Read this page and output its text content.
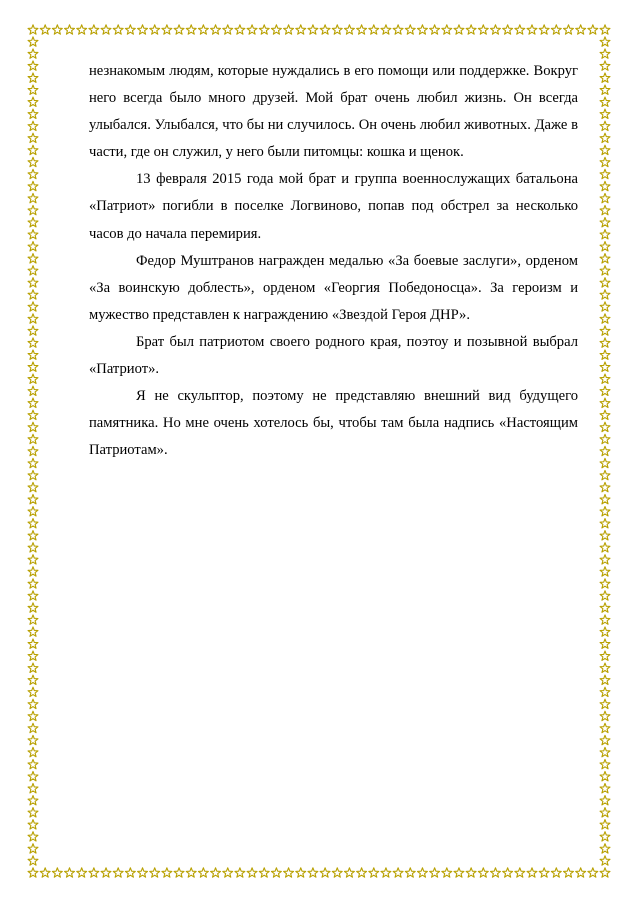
незнакомым людям, которые нуждались в его помощи или поддержке. Вокруг него всегда было много друзей. Мой брат очень любил жизнь. Он всегда улыбался. Улыбался, что бы ни случилось. Он очень любил животных. Даже в части, где он служил, у него были питомцы: кошка и щенок.

13 февраля 2015 года мой брат и группа военнослужащих батальона «Патриот» погибли в поселке Логвиново, попав под обстрел за несколько часов до начала перемирия.

Федор Муштранов награжден медалью «За боевые заслуги», орденом «За воинскую доблесть», орденом «Георгия Победоносца». За героизм и мужество представлен к награждению «Звездой Героя ДНР».

Брат был патриотом своего родного края, поэтоу и позывной выбрал «Патриот».

Я не скульптор, поэтому не представляю внешний вид будущего памятника. Но мне очень хотелось бы, чтобы там была надпись «Настоящим Патриотам».
